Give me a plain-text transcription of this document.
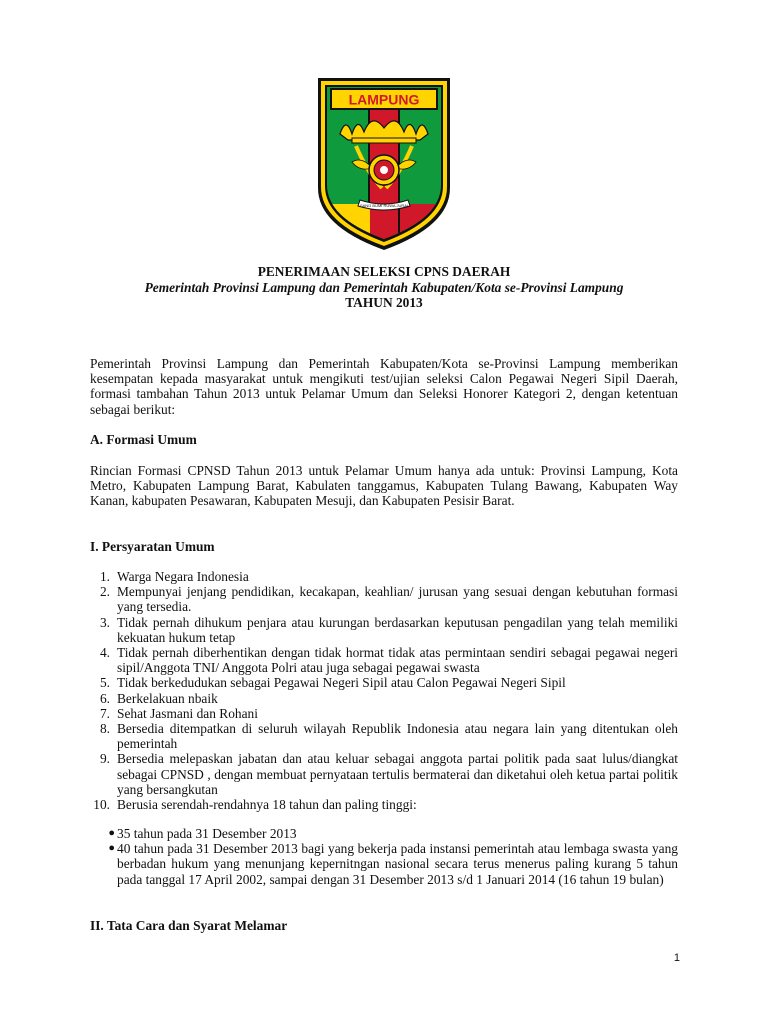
LAMPUNG
SANG BUMI RUWA JURAI
PENERIMAAN SELEKSI CPNS DAERAH
Pemerintah Provinsi Lampung dan Pemerintah Kabupaten/Kota se-Provinsi Lampung
TAHUN 2013
Pemerintah Provinsi Lampung dan Pemerintah Kabupaten/Kota se-Provinsi Lampung memberikan kesempatan kepada masyarakat untuk mengikuti test/ujian seleksi Calon Pegawai Negeri Sipil Daerah, formasi tambahan Tahun 2013 untuk Pelamar Umum dan Seleksi Honorer Kategori 2, dengan ketentuan sebagai berikut:
A. Formasi Umum
Rincian Formasi CPNSD Tahun 2013 untuk Pelamar Umum hanya ada untuk: Provinsi Lampung, Kota Metro, Kabupaten Lampung Barat, Kabulaten tanggamus, Kabupaten Tulang Bawang, Kabupaten Way Kanan, kabupaten Pesawaran, Kabupaten Mesuji, dan Kabupaten Pesisir Barat.
I. Persyaratan Umum
1. Warga Negara Indonesia
2. Mempunyai jenjang pendidikan, kecakapan, keahlian/ jurusan yang sesuai dengan kebutuhan formasi yang tersedia.
3. Tidak pernah dihukum penjara atau kurungan berdasarkan keputusan pengadilan yang telah memiliki kekuatan hukum tetap
4. Tidak pernah diberhentikan dengan tidak hormat tidak atas permintaan sendiri sebagai pegawai negeri sipil/Anggota TNI/ Anggota Polri atau juga sebagai pegawai swasta
5. Tidak berkedudukan sebagai Pegawai Negeri Sipil atau Calon Pegawai Negeri Sipil
6. Berkelakuan nbaik
7. Sehat Jasmani dan Rohani
8. Bersedia ditempatkan di seluruh wilayah Republik Indonesia atau negara lain yang ditentukan oleh pemerintah
9. Bersedia melepaskan jabatan dan atau keluar sebagai anggota partai politik pada saat lulus/diangkat sebagai CPNSD , dengan membuat pernyataan tertulis bermaterai dan diketahui oleh ketua partai politik yang bersangkutan
10. Berusia serendah-rendahnya 18 tahun dan paling tinggi:
● 35 tahun pada 31 Desember 2013
● 40 tahun pada 31 Desember 2013 bagi yang bekerja pada instansi pemerintah atau lembaga swasta yang berbadan hukum yang menunjang kepernitngan nasional secara terus menerus paling kurang 5 tahun pada tanggal 17 April 2002, sampai dengan 31 Desember 2013 s/d 1 Januari 2014 (16 tahun 19 bulan)
II. Tata Cara dan Syarat Melamar
1
